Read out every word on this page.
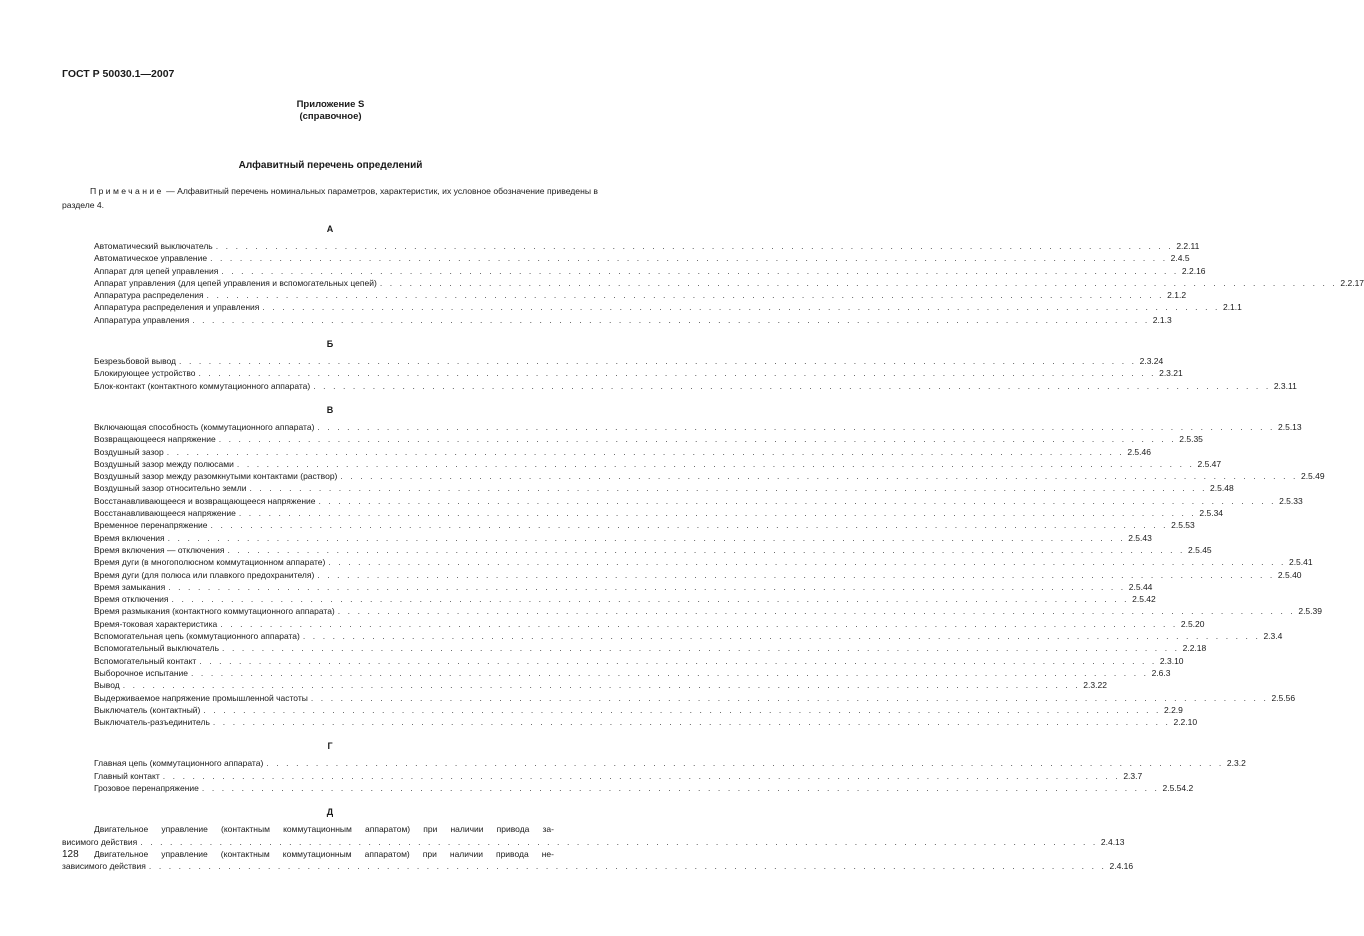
ГОСТ Р 50030.1—2007
Приложение S
(справочное)
Алфавитный перечень определений
Примечание — Алфавитный перечень номинальных параметров, характеристик, их условное обозначение приведены в разделе 4.
А
Автоматический выключатель . . . . . . . . . . . . . . . . . . . . . . . . . . . . . . . . . . . . . . . . . . . . . . . . . . . . . . . . . . . . . . . . . . . . . . . . . . . . . . . . . . . . . . . . . . . . . . . . . 2.2.11
Автоматическое управление . . . . . . . . . . . . . . . . . . . . . . . . . . . . . . . . . . . . . . . . . . . . . . . . . . . . . . . . . . . . . . . . . . . . . . . . . . . . . . . . . . . . . . . . . . . . . . . . . 2.4.5
Аппарат для цепей управления . . . . . . . . . . . . . . . . . . . . . . . . . . . . . . . . . . . . . . . . . . . . . . . . . . . . . . . . . . . . . . . . . . . . . . . . . . . . . . . . . . . . . . . . . . . . . . . . . 2.2.16
Аппарат управления (для цепей управления и вспомогательных цепей) . . . . . . . . . . . . . . . . . . . . . . . . . . . . . . . . . . . . . . . . . . . . . . . . . . . . . . . . . . . . . . . . . . . . . . . . . . . . . . . . . . . . . . . . . . . . . . . . . 2.2.17
Аппаратура распределения . . . . . . . . . . . . . . . . . . . . . . . . . . . . . . . . . . . . . . . . . . . . . . . . . . . . . . . . . . . . . . . . . . . . . . . . . . . . . . . . . . . . . . . . . . . . . . . . . 2.1.2
Аппаратура распределения и управления . . . . . . . . . . . . . . . . . . . . . . . . . . . . . . . . . . . . . . . . . . . . . . . . . . . . . . . . . . . . . . . . . . . . . . . . . . . . . . . . . . . . . . . . . . . . . . . . . 2.1.1
Аппаратура управления . . . . . . . . . . . . . . . . . . . . . . . . . . . . . . . . . . . . . . . . . . . . . . . . . . . . . . . . . . . . . . . . . . . . . . . . . . . . . . . . . . . . . . . . . . . . . . . . . 2.1.3
Б
Безрезьбовой вывод . . . . . . . . . . . . . . . . . . . . . . . . . . . . . . . . . . . . . . . . . . . . . . . . . . . . . . . . . . . . . . . . . . . . . . . . . . . . . . . . . . . . . . . . . . . . . . . . . 2.3.24
Блокирующее устройство . . . . . . . . . . . . . . . . . . . . . . . . . . . . . . . . . . . . . . . . . . . . . . . . . . . . . . . . . . . . . . . . . . . . . . . . . . . . . . . . . . . . . . . . . . . . . . . . . 2.3.21
Блок-контакт (контактного коммутационного аппарата) . . . . . . . . . . . . . . . . . . . . . . . . . . . . . . . . . . . . . . . . . . . . . . . . . . . . . . . . . . . . . . . . . . . . . . . . . . . . . . . . . . . . . . . . . . . . . . . . . 2.3.11
В
Включающая способность (коммутационного аппарата) . . . . . . . . . . . . . . . . . . . . . . . . . . . . . . . . . . . . . . . . . . . . . . . . . . . . . . . . . . . . . . . . . . . . . . . . . . . . . . . . . . . . . . . . . . . . . . . . . 2.5.13
Возвращающееся напряжение . . . . . . . . . . . . . . . . . . . . . . . . . . . . . . . . . . . . . . . . . . . . . . . . . . . . . . . . . . . . . . . . . . . . . . . . . . . . . . . . . . . . . . . . . . . . . . . . . 2.5.35
Воздушный зазор . . . . . . . . . . . . . . . . . . . . . . . . . . . . . . . . . . . . . . . . . . . . . . . . . . . . . . . . . . . . . . . . . . . . . . . . . . . . . . . . . . . . . . . . . . . . . . . . . 2.5.46
Воздушный зазор между полюсами . . . . . . . . . . . . . . . . . . . . . . . . . . . . . . . . . . . . . . . . . . . . . . . . . . . . . . . . . . . . . . . . . . . . . . . . . . . . . . . . . . . . . . . . . . . . . . . . . 2.5.47
Воздушный зазор между разомкнутыми контактами (раствор) . . . . . . . . . . . . . . . . . . . . . . . . . . . . . . . . . . . . . . . . . . . . . . . . . . . . . . . . . . . . . . . . . . . . . . . . . . . . . . . . . . . . . . . . . . . . . . . . . 2.5.49
Воздушный зазор относительно земли . . . . . . . . . . . . . . . . . . . . . . . . . . . . . . . . . . . . . . . . . . . . . . . . . . . . . . . . . . . . . . . . . . . . . . . . . . . . . . . . . . . . . . . . . . . . . . . . . 2.5.48
Восстанавливающееся и возвращающееся напряжение . . . . . . . . . . . . . . . . . . . . . . . . . . . . . . . . . . . . . . . . . . . . . . . . . . . . . . . . . . . . . . . . . . . . . . . . . . . . . . . . . . . . . . . . . . . . . . . . . 2.5.33
Восстанавливающееся напряжение . . . . . . . . . . . . . . . . . . . . . . . . . . . . . . . . . . . . . . . . . . . . . . . . . . . . . . . . . . . . . . . . . . . . . . . . . . . . . . . . . . . . . . . . . . . . . . . . . 2.5.34
Временное перенапряжение . . . . . . . . . . . . . . . . . . . . . . . . . . . . . . . . . . . . . . . . . . . . . . . . . . . . . . . . . . . . . . . . . . . . . . . . . . . . . . . . . . . . . . . . . . . . . . . . . 2.5.53
Время включения . . . . . . . . . . . . . . . . . . . . . . . . . . . . . . . . . . . . . . . . . . . . . . . . . . . . . . . . . . . . . . . . . . . . . . . . . . . . . . . . . . . . . . . . . . . . . . . . . 2.5.43
Время включения — отключения . . . . . . . . . . . . . . . . . . . . . . . . . . . . . . . . . . . . . . . . . . . . . . . . . . . . . . . . . . . . . . . . . . . . . . . . . . . . . . . . . . . . . . . . . . . . . . . . . 2.5.45
Время дуги (в многополюсном коммутационном аппарате) . . . . . . . . . . . . . . . . . . . . . . . . . . . . . . . . . . . . . . . . . . . . . . . . . . . . . . . . . . . . . . . . . . . . . . . . . . . . . . . . . . . . . . . . . . . . . . . . . 2.5.41
Время дуги (для полюса или плавкого предохранителя) . . . . . . . . . . . . . . . . . . . . . . . . . . . . . . . . . . . . . . . . . . . . . . . . . . . . . . . . . . . . . . . . . . . . . . . . . . . . . . . . . . . . . . . . . . . . . . . . . 2.5.40
Время замыкания . . . . . . . . . . . . . . . . . . . . . . . . . . . . . . . . . . . . . . . . . . . . . . . . . . . . . . . . . . . . . . . . . . . . . . . . . . . . . . . . . . . . . . . . . . . . . . . . . 2.5.44
Время отключения . . . . . . . . . . . . . . . . . . . . . . . . . . . . . . . . . . . . . . . . . . . . . . . . . . . . . . . . . . . . . . . . . . . . . . . . . . . . . . . . . . . . . . . . . . . . . . . . . 2.5.42
Время размыкания (контактного коммутационного аппарата) . . . . . . . . . . . . . . . . . . . . . . . . . . . . . . . . . . . . . . . . . . . . . . . . . . . . . . . . . . . . . . . . . . . . . . . . . . . . . . . . . . . . . . . . . . . . . . . . . 2.5.39
Время-токовая характеристика . . . . . . . . . . . . . . . . . . . . . . . . . . . . . . . . . . . . . . . . . . . . . . . . . . . . . . . . . . . . . . . . . . . . . . . . . . . . . . . . . . . . . . . . . . . . . . . . . 2.5.20
Вспомогательная цепь (коммутационного аппарата) . . . . . . . . . . . . . . . . . . . . . . . . . . . . . . . . . . . . . . . . . . . . . . . . . . . . . . . . . . . . . . . . . . . . . . . . . . . . . . . . . . . . . . . . . . . . . . . . . 2.3.4
Вспомогательный выключатель . . . . . . . . . . . . . . . . . . . . . . . . . . . . . . . . . . . . . . . . . . . . . . . . . . . . . . . . . . . . . . . . . . . . . . . . . . . . . . . . . . . . . . . . . . . . . . . . . 2.2.18
Вспомогательный контакт . . . . . . . . . . . . . . . . . . . . . . . . . . . . . . . . . . . . . . . . . . . . . . . . . . . . . . . . . . . . . . . . . . . . . . . . . . . . . . . . . . . . . . . . . . . . . . . . . 2.3.10
Выборочное испытание . . . . . . . . . . . . . . . . . . . . . . . . . . . . . . . . . . . . . . . . . . . . . . . . . . . . . . . . . . . . . . . . . . . . . . . . . . . . . . . . . . . . . . . . . . . . . . . . . 2.6.3
Вывод . . . . . . . . . . . . . . . . . . . . . . . . . . . . . . . . . . . . . . . . . . . . . . . . . . . . . . . . . . . . . . . . . . . . . . . . . . . . . . . . . . . . . . . . . . . . . . . . . 2.3.22
Выдерживаемое напряжение промышленной частоты . . . . . . . . . . . . . . . . . . . . . . . . . . . . . . . . . . . . . . . . . . . . . . . . . . . . . . . . . . . . . . . . . . . . . . . . . . . . . . . . . . . . . . . . . . . . . . . . . 2.5.56
Выключатель (контактный) . . . . . . . . . . . . . . . . . . . . . . . . . . . . . . . . . . . . . . . . . . . . . . . . . . . . . . . . . . . . . . . . . . . . . . . . . . . . . . . . . . . . . . . . . . . . . . . . . 2.2.9
Выключатель-разъединитель . . . . . . . . . . . . . . . . . . . . . . . . . . . . . . . . . . . . . . . . . . . . . . . . . . . . . . . . . . . . . . . . . . . . . . . . . . . . . . . . . . . . . . . . . . . . . . . . . 2.2.10
Г
Главная цепь (коммутационного аппарата) . . . . . . . . . . . . . . . . . . . . . . . . . . . . . . . . . . . . . . . . . . . . . . . . . . . . . . . . . . . . . . . . . . . . . . . . . . . . . . . . . . . . . . . . . . . . . . . . . 2.3.2
Главный контакт . . . . . . . . . . . . . . . . . . . . . . . . . . . . . . . . . . . . . . . . . . . . . . . . . . . . . . . . . . . . . . . . . . . . . . . . . . . . . . . . . . . . . . . . . . . . . . . . . 2.3.7
Грозовое перенапряжение . . . . . . . . . . . . . . . . . . . . . . . . . . . . . . . . . . . . . . . . . . . . . . . . . . . . . . . . . . . . . . . . . . . . . . . . . . . . . . . . . . . . . . . . . . . . . . . . . 2.5.54.2
Д
Двигательное управление (контактным коммутационным аппаратом) при наличии привода за-
висимого действия . . . . . . . . . . . . . . . . . . . . . . . . . . . . . . . . . . . . . . . . . . . . . . . . . . . . . . . . . . . . . . . . . . . . . . . . . . . . . . . . . . . . . . . . . . . . . . . . . 2.4.13
Двигательное управление (контактным коммутационным аппаратом) при наличии привода не-
зависимого действия . . . . . . . . . . . . . . . . . . . . . . . . . . . . . . . . . . . . . . . . . . . . . . . . . . . . . . . . . . . . . . . . . . . . . . . . . . . . . . . . . . . . . . . . . . . . . . . . . 2.4.16
128
